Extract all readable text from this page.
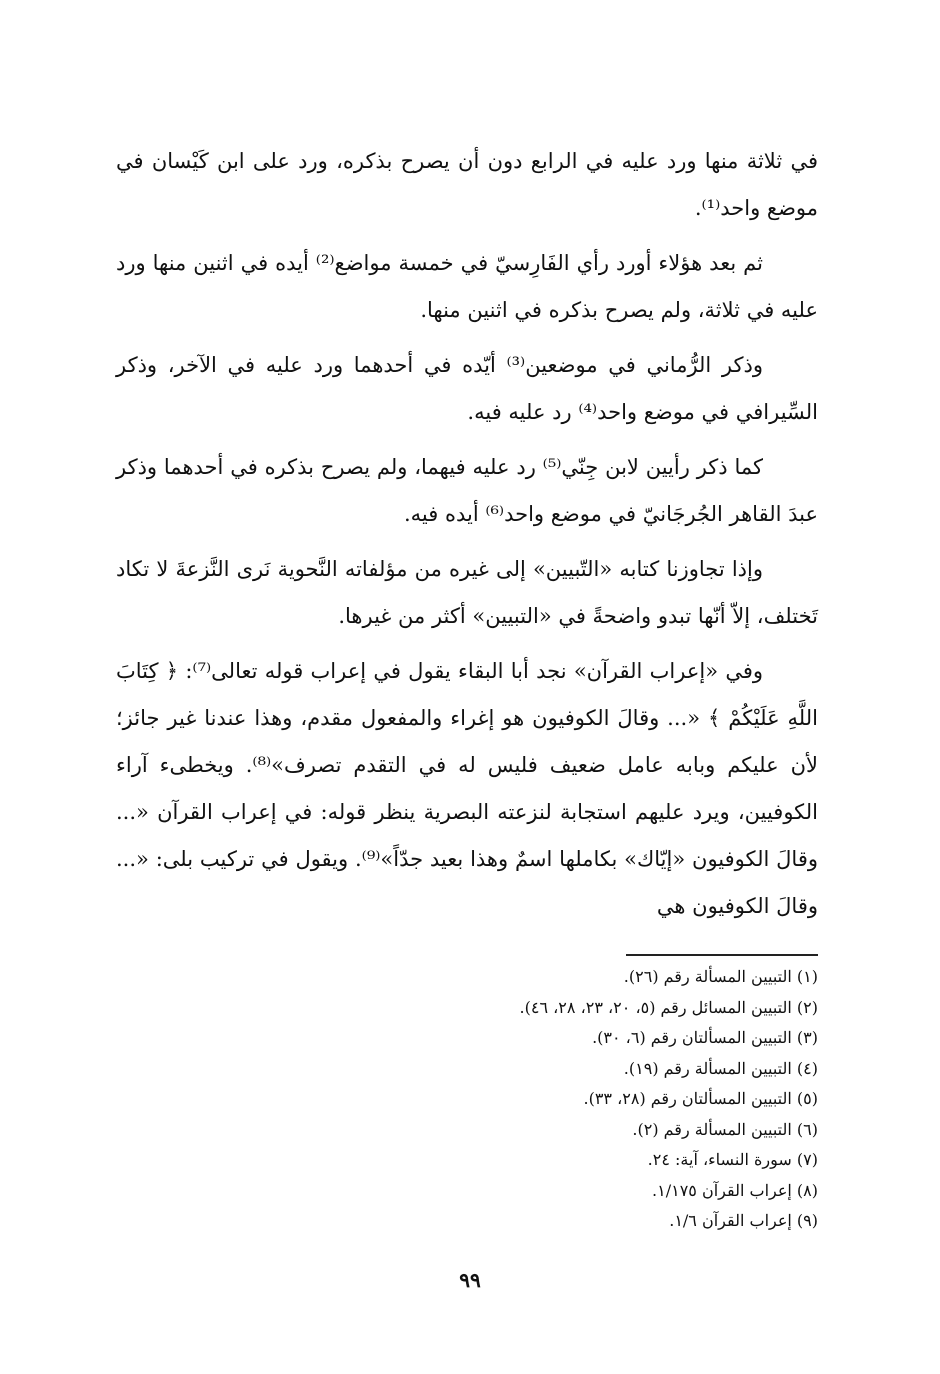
في ثلاثة منها ورد عليه في الرابع دون أن يصرح بذكره، ورد على ابن كَيْسان في موضع واحد⁽¹⁾.

ثم بعد هؤلاء أورد رأي الفَارِسيّ في خمسة مواضع⁽²⁾ أيده في اثنين منها ورد عليه في ثلاثة، ولم يصرح بذكره في اثنين منها.

وذكر الرُّماني في موضعين⁽³⁾ أيّده في أحدهما ورد عليه في الآخر، وذكر السِّيرافي في موضع واحد⁽⁴⁾ رد عليه فيه.

كما ذكر رأيين لابن جِنّي⁽⁵⁾ رد عليه فيهما، ولم يصرح بذكره في أحدهما وذكر عبدَ القاهر الجُرجَانيّ في موضع واحد⁽⁶⁾ أيده فيه.

وإذا تجاوزنا كتابه «التّبيين» إلى غيره من مؤلفاته النَّحوية نَرى النَّزعةَ لا تكاد تَختلف، إلاّ أنّها تبدو واضحةً في «التبيين» أكثر من غيرها.

وفي «إعراب القرآن» نجد أبا البقاء يقول في إعراب قوله تعالى⁽⁷⁾: ﴿ كِتَابَ اللَّهِ عَلَيْكُمْ ﴾ «... وقالَ الكوفيون هو إغراء والمفعول مقدم، وهذا عندنا غير جائز؛ لأن عليكم وبابه عامل ضعيف فليس له في التقدم تصرف»⁽⁸⁾. ويخطىء آراء الكوفيين، ويرد عليهم استجابة لنزعته البصرية ينظر قوله: في إعراب القرآن «... وقالَ الكوفيون «إيّاك» بكاملها اسمٌ وهذا بعيد جدّاً»⁽⁹⁾. ويقول في تركيب بلى: «... وقالَ الكوفيون هي

(١) التبيين المسألة رقم (٢٦).
(٢) التبيين المسائل رقم (٥، ٢٠، ٢٣، ٢٨، ٤٦).
(٣) التبيين المسألتان رقم (٦، ٣٠).
(٤) التبيين المسألة رقم (١٩).
(٥) التبيين المسألتان رقم (٢٨، ٣٣).
(٦) التبيين المسألة رقم (٢).
(٧) سورة النساء، آية: ٢٤.
(٨) إعراب القرآن ١/١٧٥.
(٩) إعراب القرآن ١/٦.
٩٩
